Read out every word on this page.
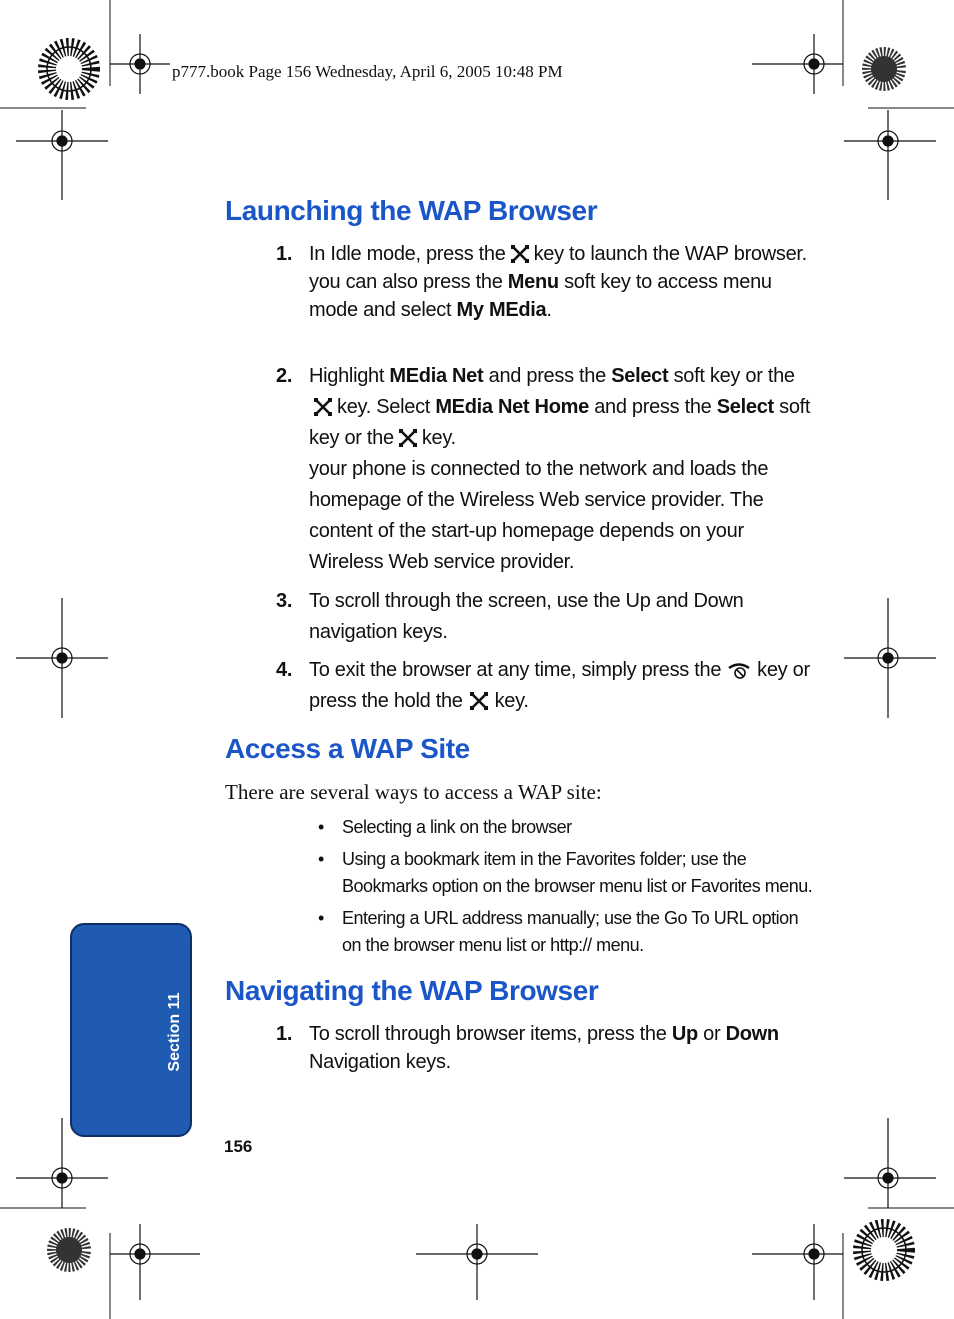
p777.book Page 156 Wednesday, April 6, 2005 10:48 PM
Launching the WAP Browser
1. In Idle mode, press the key to launch the WAP browser.

you can also press the Menu soft key to access menu mode and select My MEdia.

2. Highlight MEdia Net and press the Select soft key or the key. Select MEdia Net Home and press the Select soft key or the key.

your phone is connected to the network and loads the homepage of the Wireless Web service provider. The content of the start-up homepage depends on your Wireless Web service provider.

3. To scroll through the screen, use the Up and Down navigation keys.

4. To exit the browser at any time, simply press the key or press the hold the key.

Access a WAP Site
There are several ways to access a WAP site:
• Selecting a link on the browser
• Using a bookmark item in the Favorites folder; use the Bookmarks option on the browser menu list or Favorites menu.
• Entering a URL address manually; use the Go To URL option on the browser menu list or http:// menu.
Navigating the WAP Browser
1. To scroll through browser items, press the Up or Down Navigation keys.

Section 11
156
